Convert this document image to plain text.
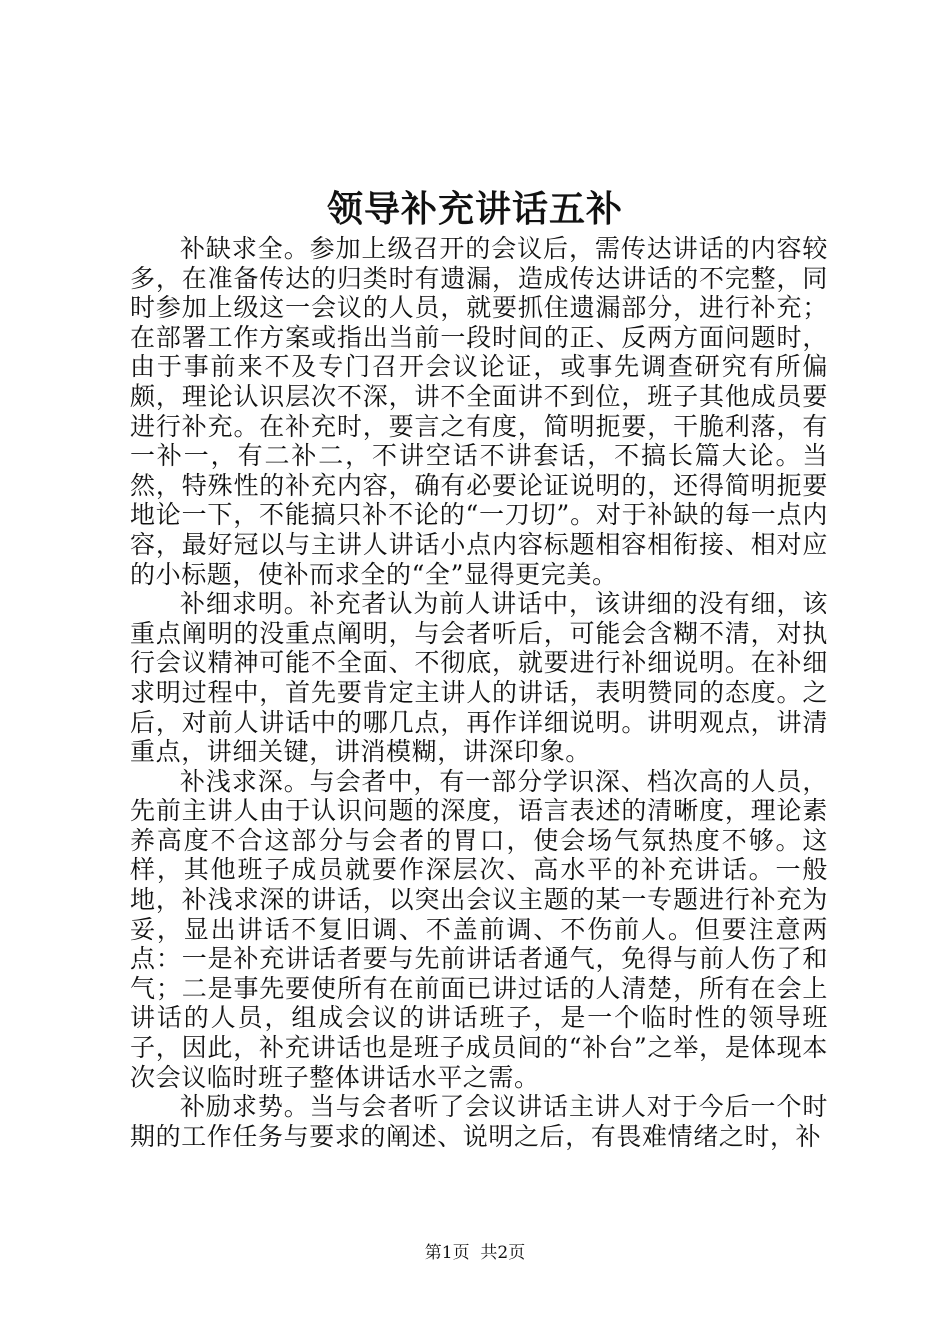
领导补充讲话五补

补缺求全。参加上级召开的会议后，需传达讲话的内容较多，在准备传达的归类时有遗漏，造成传达讲话的不完整，同时参加上级这一会议的人员，就要抓住遗漏部分，进行补充；在部署工作方案或指出当前一段时间的正、反两方面问题时，由于事前来不及专门召开会议论证，或事先调查研究有所偏颇，理论认识层次不深，讲不全面讲不到位，班子其他成员要进行补充。在补充时，要言之有度，简明扼要，干脆利落，有一补一，有二补二，不讲空话不讲套话，不搞长篇大论。当然，特殊性的补充内容，确有必要论证说明的，还得简明扼要地论一下，不能搞只补不论的“一刀切”。对于补缺的每一点内容，最好冠以与主讲人讲话小点内容标题相容相衔接、相对应的小标题，使补而求全的“全”显得更完美。

补细求明。补充者认为前人讲话中，该讲细的没有细，该重点阐明的没重点阐明，与会者听后，可能会含糊不清，对执行会议精神可能不全面、不彻底，就要进行补细说明。在补细求明过程中，首先要肯定主讲人的讲话，表明赞同的态度。之后，对前人讲话中的哪几点，再作详细说明。讲明观点，讲清重点，讲细关键，讲消模糊，讲深印象。

补浅求深。与会者中，有一部分学识深、档次高的人员，先前主讲人由于认识问题的深度，语言表述的清晰度，理论素养高度不合这部分与会者的胃口，使会场气氛热度不够。这样，其他班子成员就要作深层次、高水平的补充讲话。一般地，补浅求深的讲话，以突出会议主题的某一专题进行补充为妥，显出讲话不复旧调、不盖前调、不伤前人。但要注意两点：一是补充讲话者要与先前讲话者通气，免得与前人伤了和气；二是事先要使所有在前面已讲过话的人清楚，所有在会上讲话的人员，组成会议的讲话班子，是一个临时性的领导班子，因此，补充讲话也是班子成员间的“补台”之举，是体现本次会议临时班子整体讲话水平之需。

补励求势。当与会者听了会议讲话主讲人对于今后一个时期的工作任务与要求的阐述、说明之后，有畏难情绪之时，补

第1页  共2页
